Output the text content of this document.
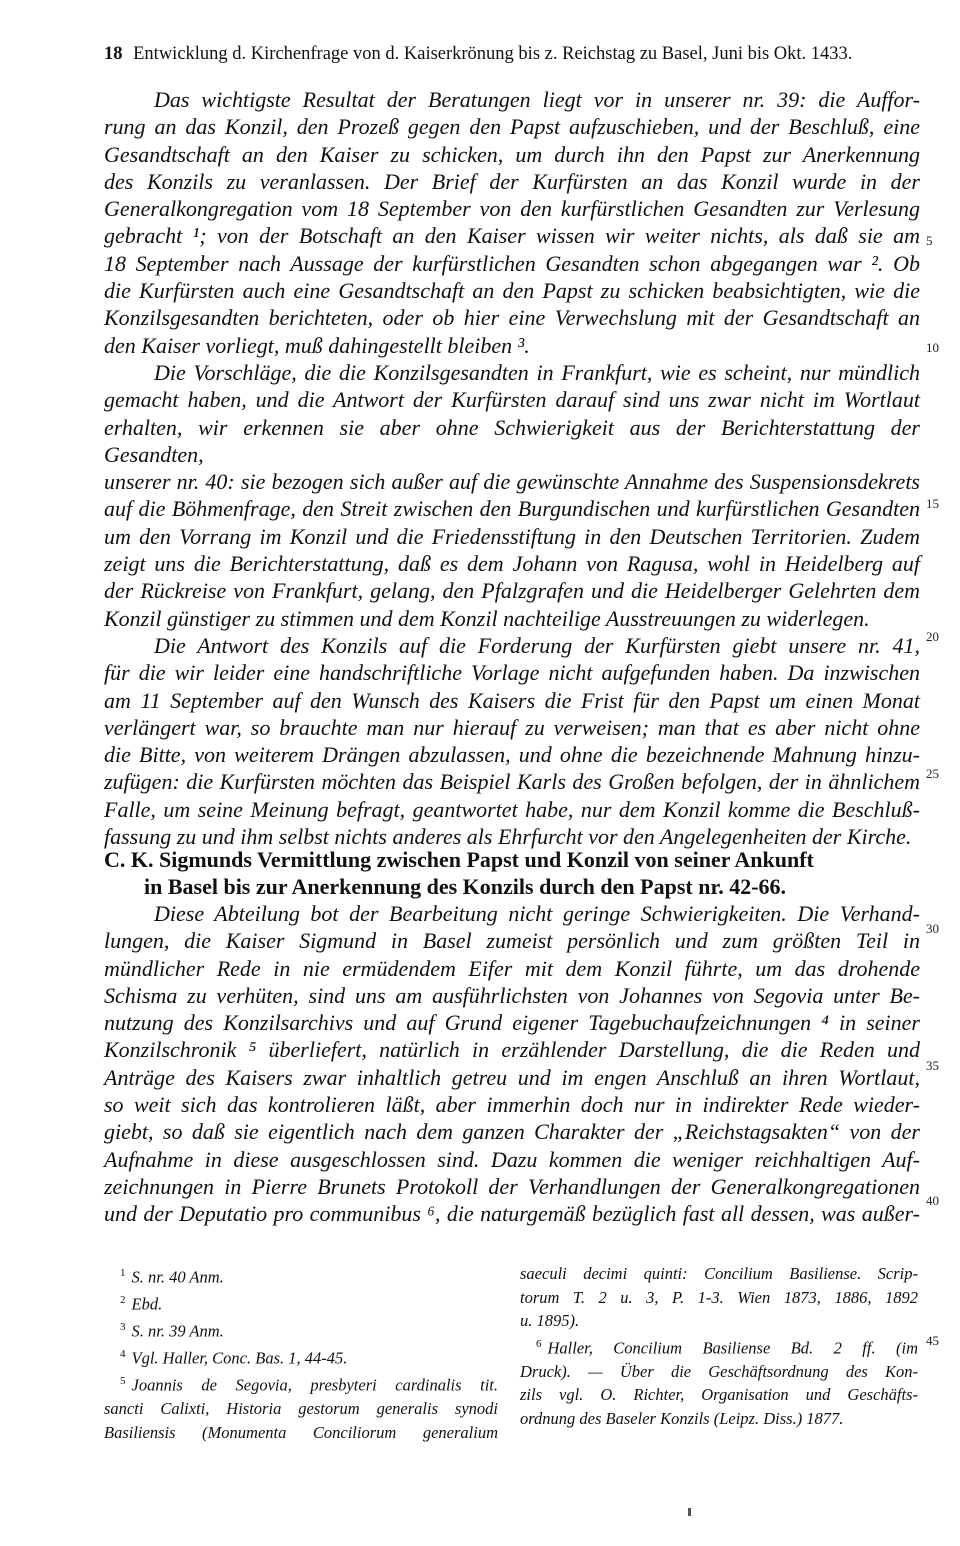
18 Entwicklung d. Kirchenfrage von d. Kaiserkrönung bis z. Reichstag zu Basel, Juni bis Okt. 1433.

Das wichtigste Resultat der Beratungen liegt vor in unserer nr. 39: die Auffor-

rung an das Konzil, den Prozeß gegen den Papst aufzuschieben, und der Beschluß, eine

Gesandtschaft an den Kaiser zu schicken, um durch ihn den Papst zur Anerkennung

des Konzils zu veranlassen. Der Brief der Kurfürsten an das Konzil wurde in der

Generalkongregation vom 18 September von den kurfürstlichen Gesandten zur Verlesung

gebracht ¹; von der Botschaft an den Kaiser wissen wir weiter nichts, als daß sie am

18 September nach Aussage der kurfürstlichen Gesandten schon abgegangen war ². Ob

die Kurfürsten auch eine Gesandtschaft an den Papst zu schicken beabsichtigten, wie die

Konzilsgesandten berichteten, oder ob hier eine Verwechslung mit der Gesandtschaft an

den Kaiser vorliegt, muß dahingestellt bleiben ³.

Die Vorschläge, die die Konzilsgesandten in Frankfurt, wie es scheint, nur mündlich

gemacht haben, und die Antwort der Kurfürsten darauf sind uns zwar nicht im Wortlaut

erhalten, wir erkennen sie aber ohne Schwierigkeit aus der Berichterstattung der Gesandten,

unserer nr. 40: sie bezogen sich außer auf die gewünschte Annahme des Suspensionsdekrets

auf die Böhmenfrage, den Streit zwischen den Burgundischen und kurfürstlichen Gesandten

um den Vorrang im Konzil und die Friedensstiftung in den Deutschen Territorien. Zudem

zeigt uns die Berichterstattung, daß es dem Johann von Ragusa, wohl in Heidelberg auf

der Rückreise von Frankfurt, gelang, den Pfalzgrafen und die Heidelberger Gelehrten dem

Konzil günstiger zu stimmen und dem Konzil nachteilige Ausstreuungen zu widerlegen.

Die Antwort des Konzils auf die Forderung der Kurfürsten giebt unsere nr. 41,

für die wir leider eine handschriftliche Vorlage nicht aufgefunden haben. Da inzwischen

am 11 September auf den Wunsch des Kaisers die Frist für den Papst um einen Monat

verlängert war, so brauchte man nur hierauf zu verweisen; man that es aber nicht ohne

die Bitte, von weiterem Drängen abzulassen, und ohne die bezeichnende Mahnung hinzu-

zufügen: die Kurfürsten möchten das Beispiel Karls des Großen befolgen, der in ähnlichem

Falle, um seine Meinung befragt, geantwortet habe, nur dem Konzil komme die Beschluß-

fassung zu und ihm selbst nichts anderes als Ehrfurcht vor den Angelegenheiten der Kirche.

C. K. Sigmunds Vermittlung zwischen Papst und Konzil von seiner Ankunft
in Basel bis zur Anerkennung des Konzils durch den Papst nr. 42-66.

Diese Abteilung bot der Bearbeitung nicht geringe Schwierigkeiten. Die Verhand-

lungen, die Kaiser Sigmund in Basel zumeist persönlich und zum größten Teil in

mündlicher Rede in nie ermüdendem Eifer mit dem Konzil führte, um das drohende

Schisma zu verhüten, sind uns am ausführlichsten von Johannes von Segovia unter Be-

nutzung des Konzilsarchivs und auf Grund eigener Tagebuchaufzeichnungen ⁴ in seiner

Konzilschronik ⁵ überliefert, natürlich in erzählender Darstellung, die die Reden und

Anträge des Kaisers zwar inhaltlich getreu und im engen Anschluß an ihren Wortlaut,

so weit sich das kontrolieren läßt, aber immerhin doch nur in indirekter Rede wieder-

giebt, so daß sie eigentlich nach dem ganzen Charakter der „Reichstagsakten“ von der

Aufnahme in diese ausgeschlossen sind. Dazu kommen die weniger reichhaltigen Auf-

zeichnungen in Pierre Brunets Protokoll der Verhandlungen der Generalkongregationen

und der Deputatio pro communibus ⁶, die naturgemäß bezüglich fast all dessen, was außer-

5
10
15
20
25
30
35
40
45

$^1$ S. nr. 40 Anm.

$^2$ Ebd.

$^3$ S. nr. 39 Anm.

$^4$ Vgl. Haller, Conc. Bas. 1, 44-45.

$^5$ Joannis de Segovia, presbyteri cardinalis tit.

sancti Calixti, Historia gestorum generalis synodi

Basiliensis (Monumenta Conciliorum generalium

saeculi decimi quinti: Concilium Basiliense. Scrip-

torum T. 2 u. 3, P. 1-3. Wien 1873, 1886, 1892

u. 1895).

$^6$ Haller, Concilium Basiliense Bd. 2 ff. (im

Druck). — Über die Geschäftsordnung des Kon-

zils vgl. O. Richter, Organisation und Geschäfts-

ordnung des Baseler Konzils (Leipz. Diss.) 1877.
